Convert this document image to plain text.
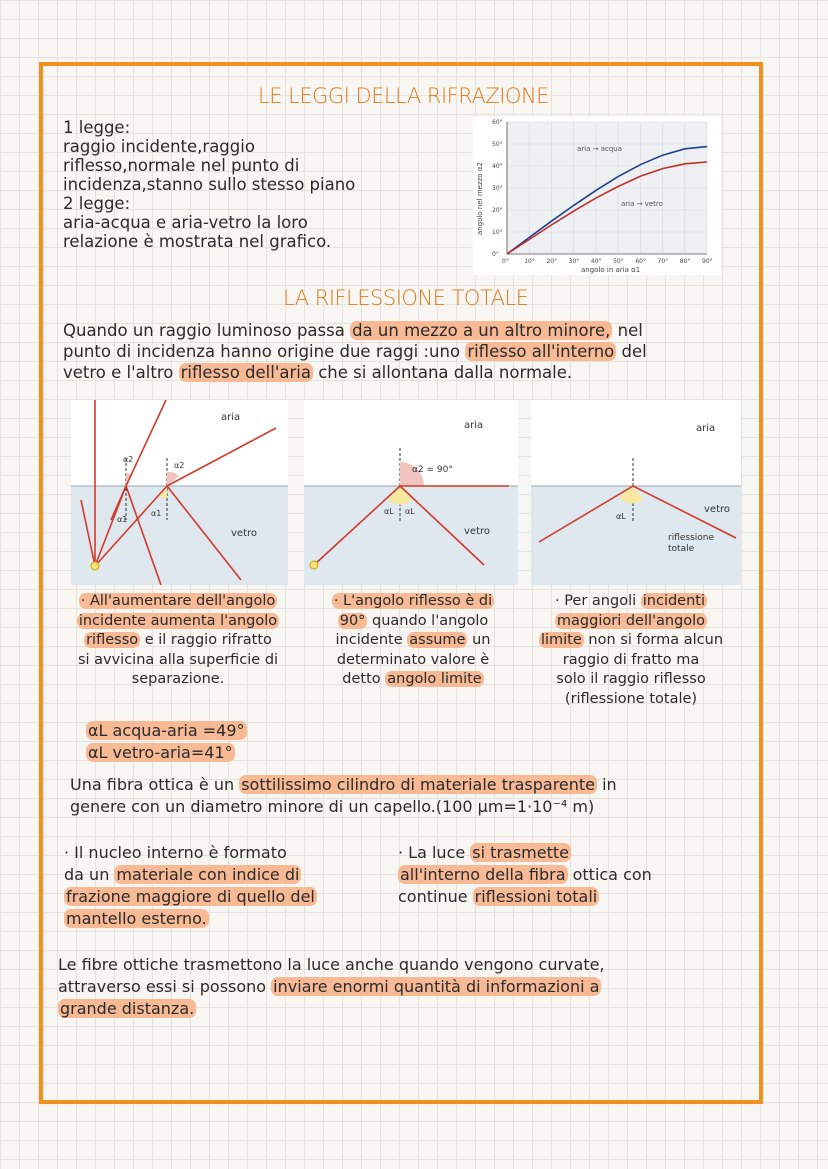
LE LEGGI DELLA RIFRAZIONE
1 legge:
raggio incidente,raggio
riflesso,normale nel punto di
incidenza,stanno sullo stesso piano
2 legge:
aria-acqua e aria-vetro la loro
relazione è mostrata nel grafico.
0°	10° 20° 30° 40° 50° 60° 70° 80° 90°
0°
10°
20°
30°
40°
50°
60°
aria → acqua
aria → vetro
angolo in aria α1
angolo nel mezzo α2
LA RIFLESSIONE TOTALE
Quando un raggio luminoso passa da un mezzo a un altro minore, nel
punto di incidenza hanno origine due raggi :uno riflesso all'interno del
vetro e l'altro riflesso dell'aria che si allontana dalla normale.
aria
vetro
α2
α2
α1
α1
aria
vetro
α2 = 90°
αL αL
aria
vetro
αL
riflessione
totale
· All'aumentare dell'angolo
incidente aumenta l'angolo
riflesso e il raggio rifratto
si avvicina alla superficie di
separazione.
· L'angolo riflesso è di
90° quando l'angolo
incidente assume un
determinato valore è
detto angolo limite
· Per angoli incidenti
maggiori dell'angolo
limite non si forma alcun
raggio di fratto ma
solo il raggio riflesso
(riflessione totale)
αL acqua-aria =49°
αL vetro-aria=41°
Una fibra ottica è un sottilissimo cilindro di materiale trasparente in
genere con un diametro minore di un capello.(100 μm=1·10⁻⁴ m)
· Il nucleo interno è formato
da un materiale con indice di
frazione maggiore di quello del
mantello esterno.
· La luce si trasmette
all'interno della fibra ottica con
continue riflessioni totali
Le fibre ottiche trasmettono la luce anche quando vengono curvate,
attraverso essi si possono inviare enormi quantità di informazioni a
grande distanza.
